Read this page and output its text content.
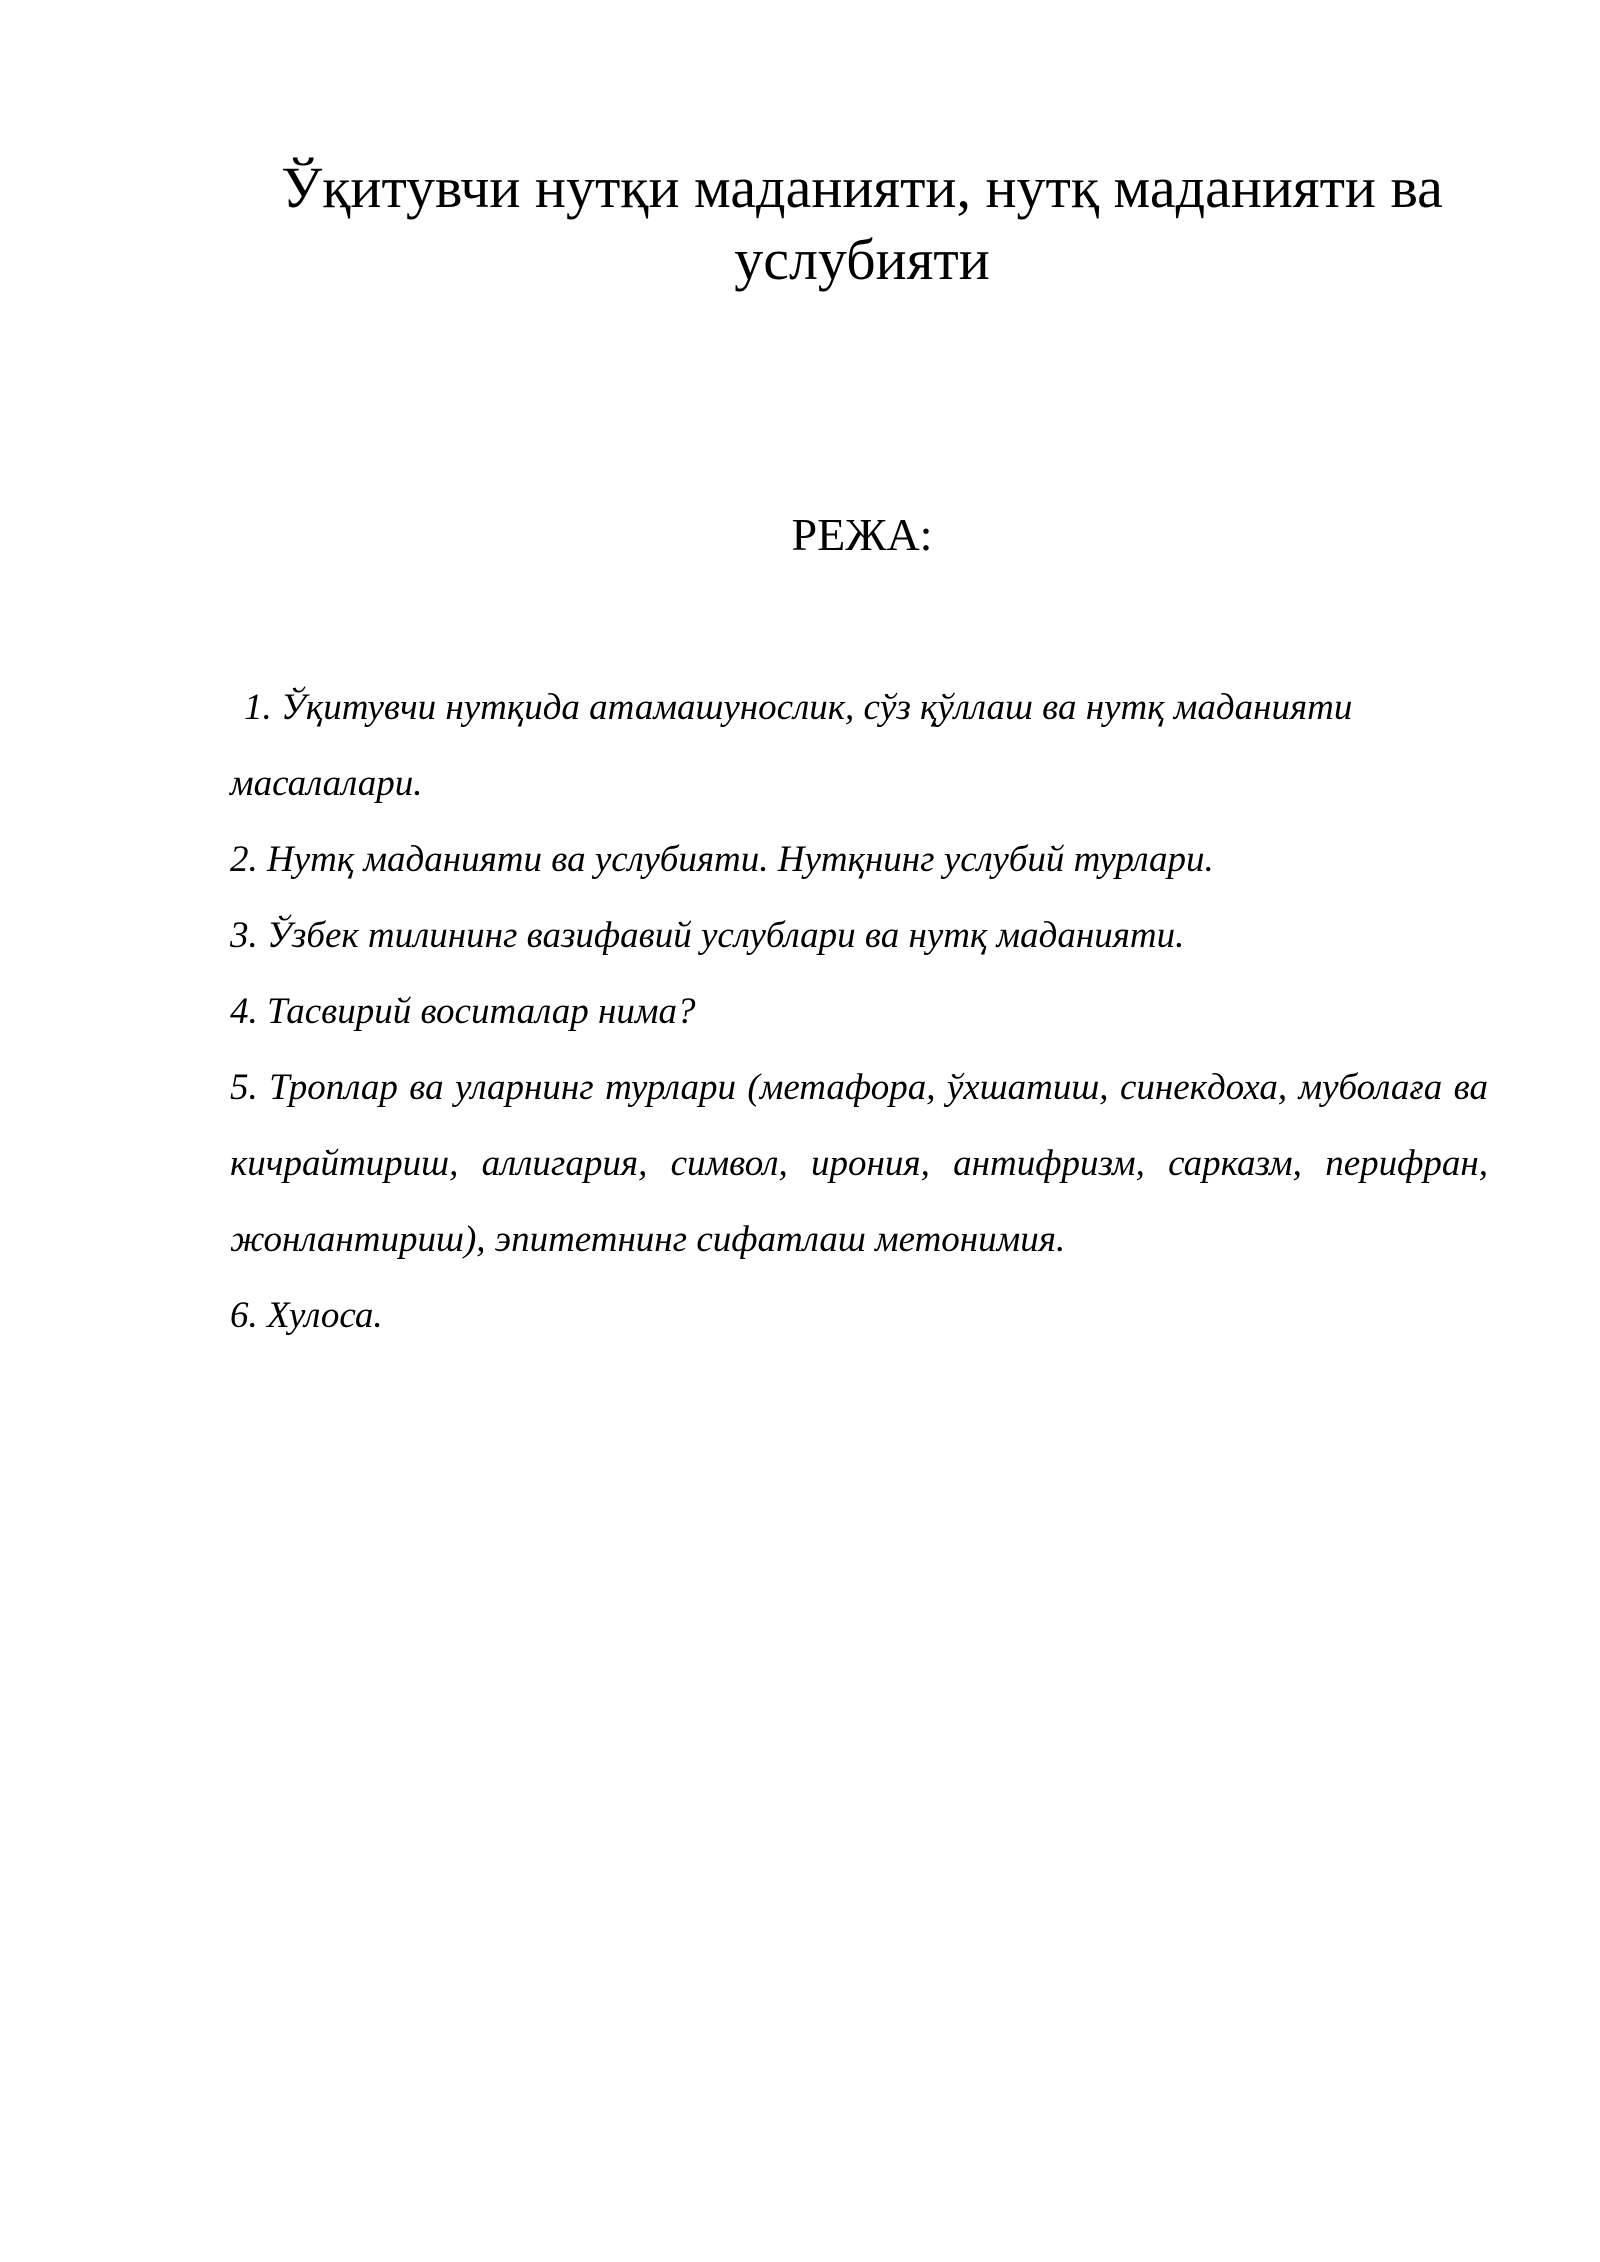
Ўқитувчи нутқи маданияти, нутқ маданияти ва
услубияти
РЕЖА:
1. Ўқитувчи нутқида атамашунослик, сўз қўллаш ва нутқ маданияти масалалари.
2. Нутқ маданияти ва услубияти. Нутқнинг услубий турлари.
3. Ўзбек тилининг вазифавий услублари ва нутқ маданияти.
4. Тасвирий воситалар нима?
5. Троплар ва уларнинг турлари (метафора, ўхшатиш, синекдоха, муболаға ва кичрайтириш, аллигария, символ, ирония, антифризм, сарказм, перифран, жонлантириш), эпитетнинг сифатлаш метонимия.
6. Хулоса.
